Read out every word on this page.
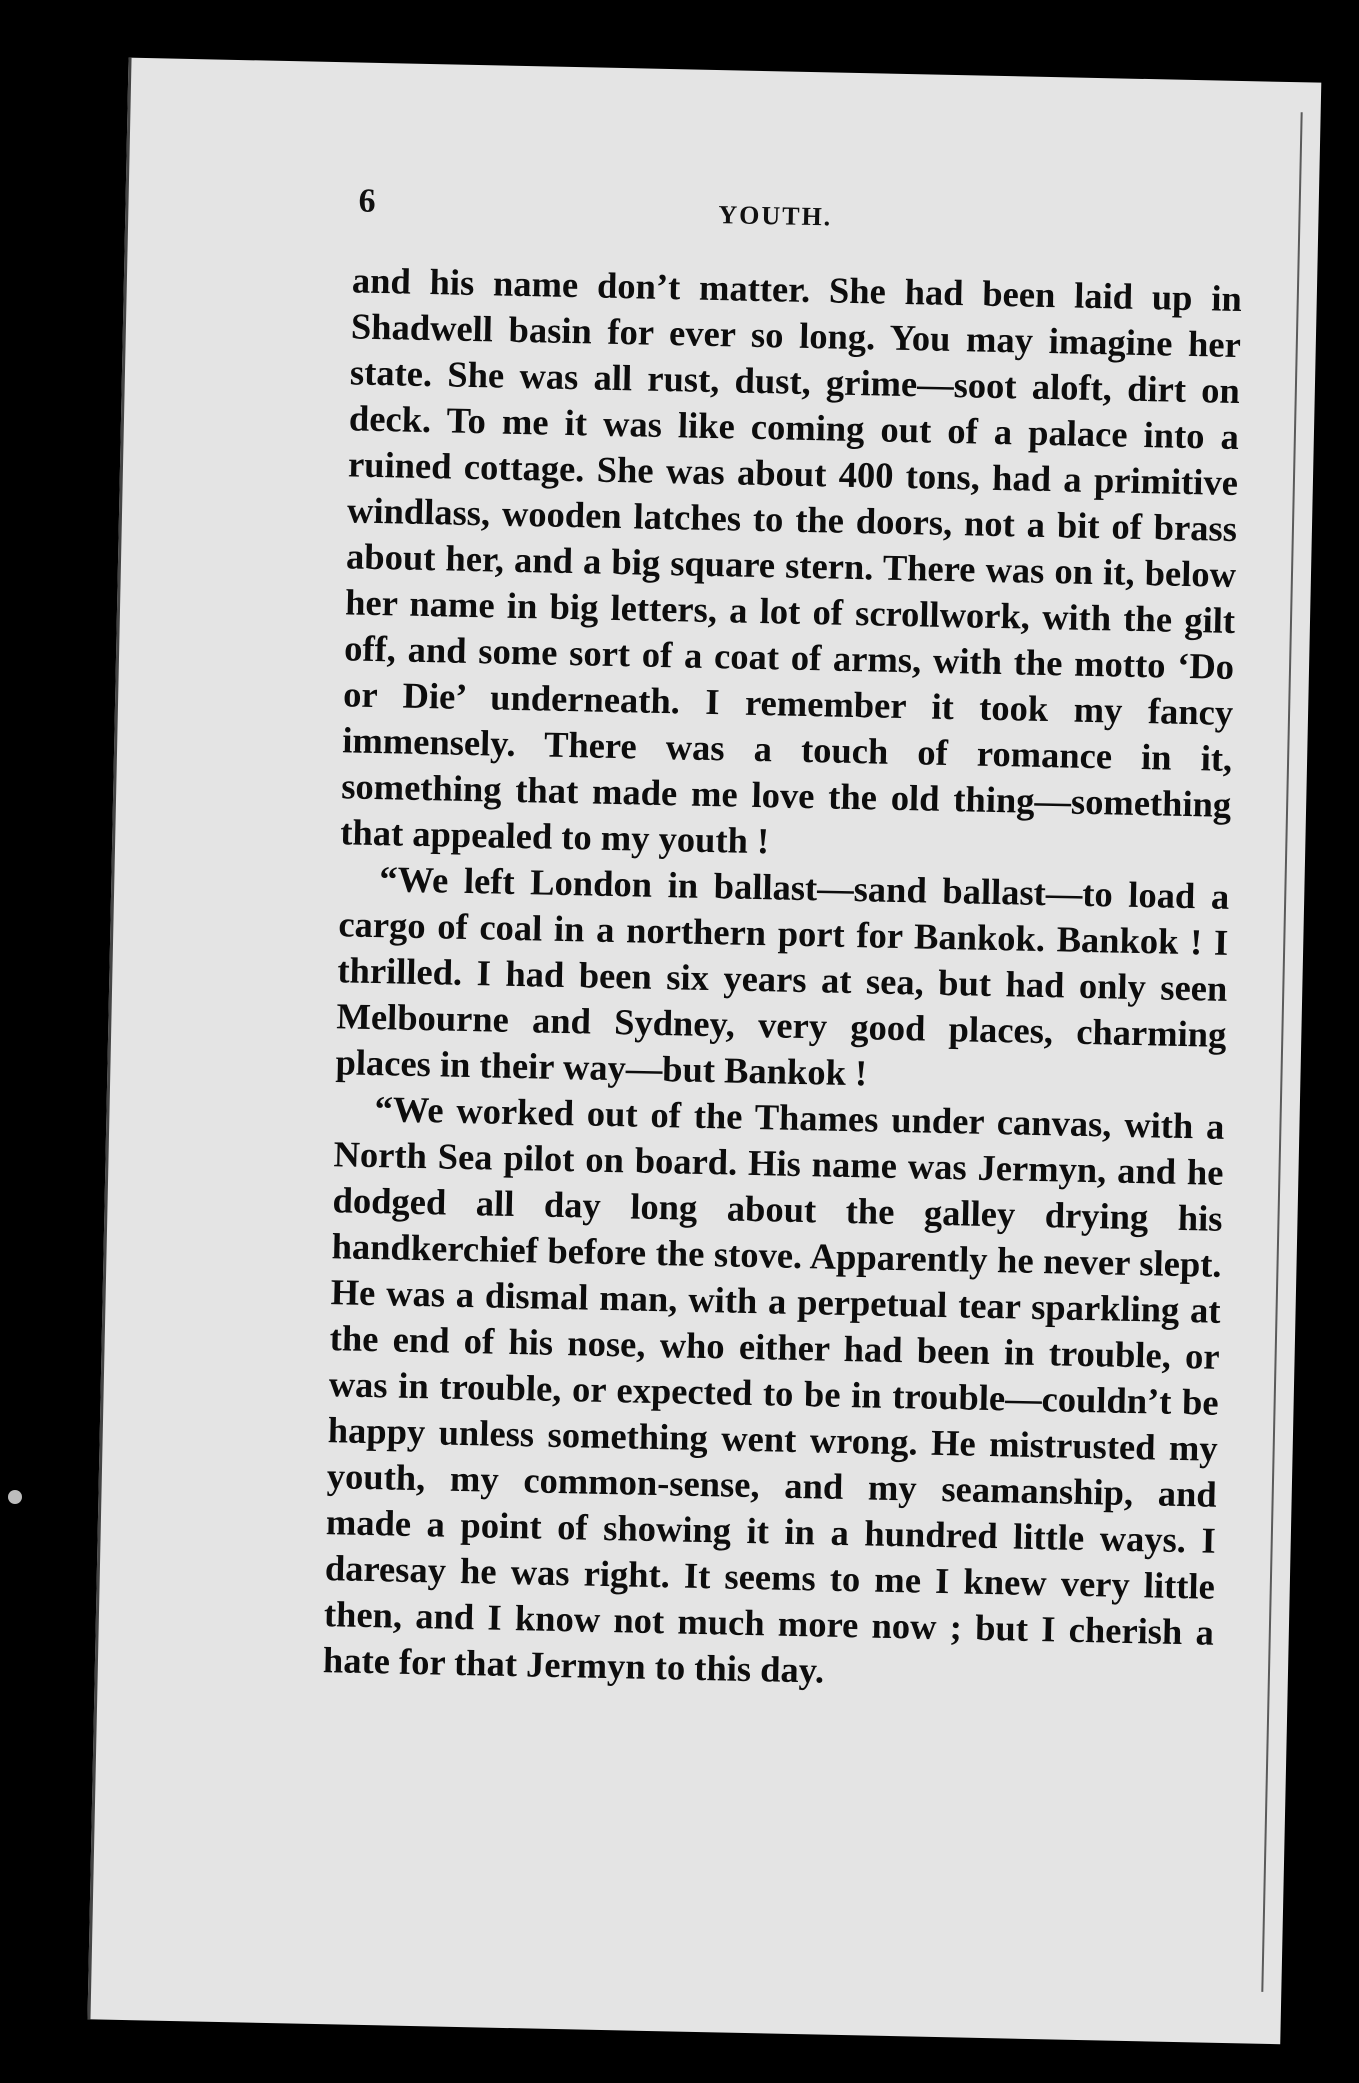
6	YOUTH.

and his name don’t matter. She had been laid up in Shadwell basin for ever so long. You may imagine her state. She was all rust, dust, grime—soot aloft, dirt on deck. To me it was like coming out of a palace into a ruined cottage. She was about 400 tons, had a primitive windlass, wooden latches to the doors, not a bit of brass about her, and a big square stern. There was on it, below her name in big letters, a lot of scrollwork, with the gilt off, and some sort of a coat of arms, with the motto ‘Do or Die’ underneath. I remember it took my fancy immensely. There was a touch of romance in it, something that made me love the old thing—something that appealed to my youth !

“We left London in ballast—sand ballast—to load a cargo of coal in a northern port for Bankok. Bankok ! I thrilled. I had been six years at sea, but had only seen Melbourne and Sydney, very good places, charming places in their way—but Bankok !

“We worked out of the Thames under canvas, with a North Sea pilot on board. His name was Jermyn, and he dodged all day long about the galley drying his handkerchief before the stove. Apparently he never slept. He was a dismal man, with a perpetual tear sparkling at the end of his nose, who either had been in trouble, or was in trouble, or expected to be in trouble—couldn’t be happy unless something went wrong. He mistrusted my youth, my common-sense, and my seamanship, and made a point of showing it in a hundred little ways. I daresay he was right. It seems to me I knew very little then, and I know not much more now ; but I cherish a hate for that Jermyn to this day.
